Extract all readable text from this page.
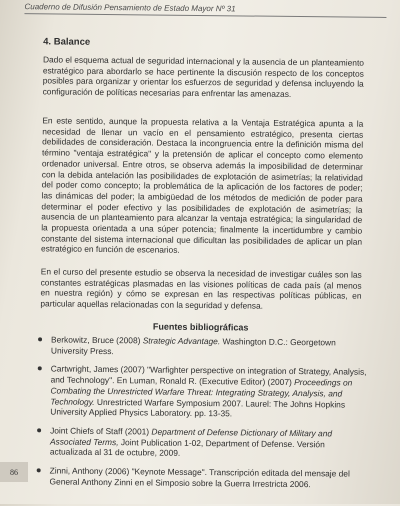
Cuaderno de Difusión Pensamiento de Estado Mayor Nº 31
4. Balance

Dado el esquema actual de seguridad internacional y la ausencia de un planteamiento estratégico para abordarlo se hace pertinente la discusión respecto de los conceptos posibles para organizar y orientar los esfuerzos de seguridad y defensa incluyendo la configuración de políticas necesarias para enfrentar las amenazas.

En este sentido, aunque la propuesta relativa a la Ventaja Estratégica apunta a la necesidad de llenar un vacío en el pensamiento estratégico, presenta ciertas debilidades de consideración. Destaca la incongruencia entre la definición misma del término "ventaja estratégica" y la pretensión de aplicar el concepto como elemento ordenador universal. Entre otros, se observa además la imposibilidad de determinar con la debida antelación las posibilidades de explotación de asimetrías; la relatividad del poder como concepto; la problemática de la aplicación de los factores de poder; las dinámicas del poder; la ambigüedad de los métodos de medición de poder para determinar el poder efectivo y las posibilidades de explotación de asimetrías; la ausencia de un planteamiento para alcanzar la ventaja estratégica; la singularidad de la propuesta orientada a una súper potencia; finalmente la incertidumbre y cambio constante del sistema internacional que dificultan las posibilidades de aplicar un plan estratégico en función de escenarios.

En el curso del presente estudio se observa la necesidad de investigar cuáles son las constantes estratégicas plasmadas en las visiones políticas de cada país (al menos en nuestra región) y cómo se expresan en las respectivas políticas públicas, en particular aquellas relacionadas con la seguridad y defensa.

Fuentes bibliográficas
Berkowitz, Bruce (2008) Strategic Advantage. Washington D.C.: Georgetown University Press.
Cartwright, James (2007) "Warfighter perspective on integration of Strategy, Analysis, and Technology". En Luman, Ronald R. (Executive Editor) (2007) Proceedings on Combating the Unrestricted Warfare Threat: Integrating Strategy, Analysis, and Technology. Unrestricted Warfare Symposium 2007. Laurel: The Johns Hopkins University Applied Physics Laboratory. pp. 13-35.
Joint Chiefs of Staff (2001) Department of Defense Dictionary of Military and Associated Terms, Joint Publication 1-02, Department of Defense. Versión actualizada al 31 de octubre, 2009.
Zinni, Anthony (2006) "Keynote Message". Transcripción editada del mensaje del General Anthony Zinni en el Simposio sobre la Guerra Irrestricta 2006.
86
